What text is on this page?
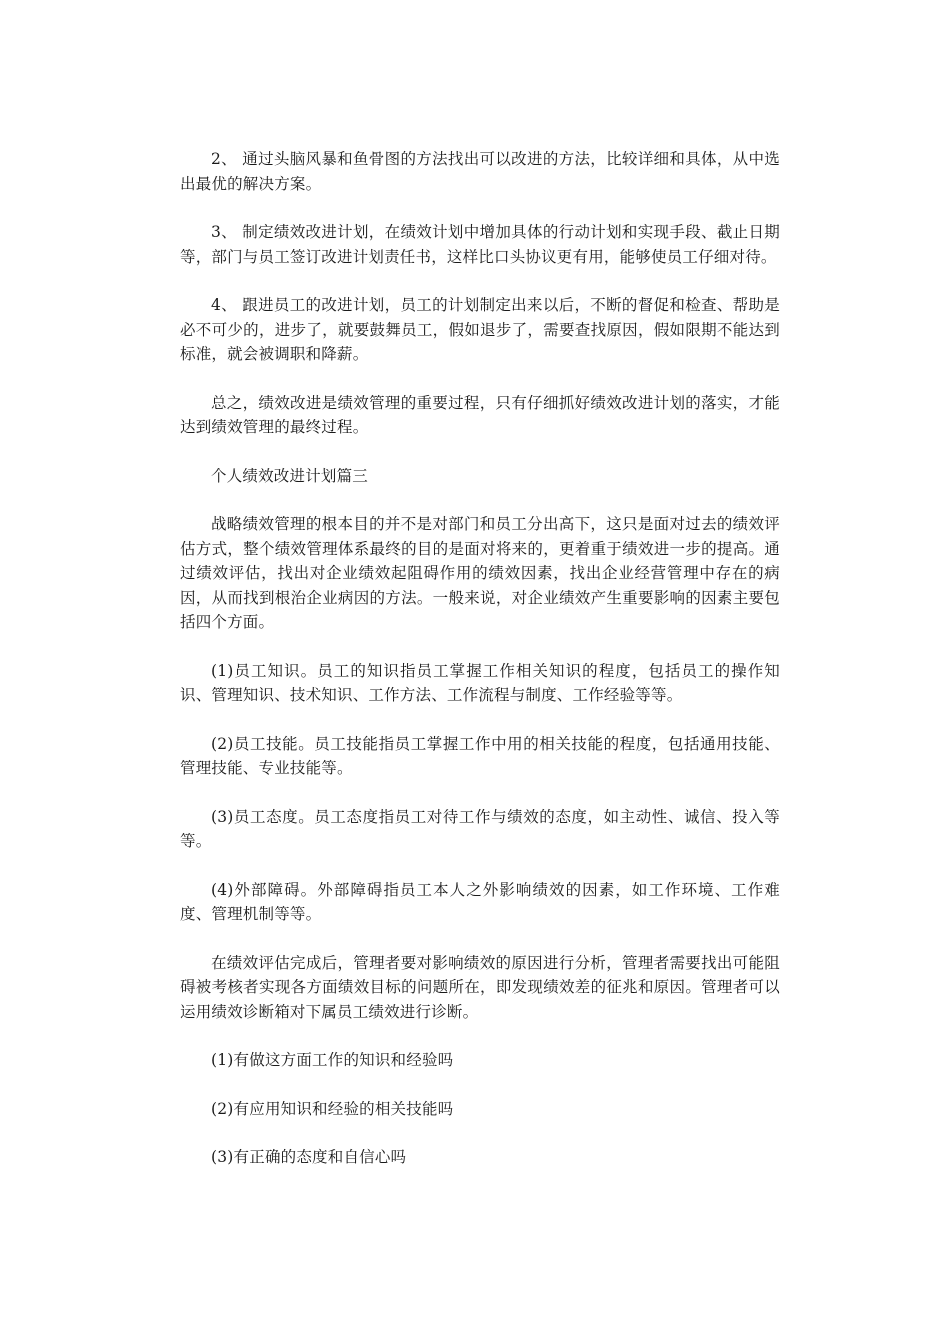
2、 通过头脑风暴和鱼骨图的方法找出可以改进的方法，比较详细和具体，从中选出最优的解决方案。

3、 制定绩效改进计划，在绩效计划中增加具体的行动计划和实现手段、截止日期等，部门与员工签订改进计划责任书，这样比口头协议更有用，能够使员工仔细对待。

4、 跟进员工的改进计划，员工的计划制定出来以后，不断的督促和检查、帮助是必不可少的，进步了，就要鼓舞员工，假如退步了，需要查找原因，假如限期不能达到标准，就会被调职和降薪。

总之，绩效改进是绩效管理的重要过程，只有仔细抓好绩效改进计划的落实，才能达到绩效管理的最终过程。

个人绩效改进计划篇三

战略绩效管理的根本目的并不是对部门和员工分出高下，这只是面对过去的绩效评估方式，整个绩效管理体系最终的目的是面对将来的，更着重于绩效进一步的提高。通过绩效评估，找出对企业绩效起阻碍作用的绩效因素，找出企业经营管理中存在的病因，从而找到根治企业病因的方法。一般来说，对企业绩效产生重要影响的因素主要包括四个方面。

(1)员工知识。员工的知识指员工掌握工作相关知识的程度，包括员工的操作知识、管理知识、技术知识、工作方法、工作流程与制度、工作经验等等。

(2)员工技能。员工技能指员工掌握工作中用的相关技能的程度，包括通用技能、管理技能、专业技能等。

(3)员工态度。员工态度指员工对待工作与绩效的态度，如主动性、诚信、投入等等。

(4)外部障碍。外部障碍指员工本人之外影响绩效的因素，如工作环境、工作难度、管理机制等等。

在绩效评估完成后，管理者要对影响绩效的原因进行分析，管理者需要找出可能阻碍被考核者实现各方面绩效目标的问题所在，即发现绩效差的征兆和原因。管理者可以运用绩效诊断箱对下属员工绩效进行诊断。

(1)有做这方面工作的知识和经验吗

(2)有应用知识和经验的相关技能吗

(3)有正确的态度和自信心吗
